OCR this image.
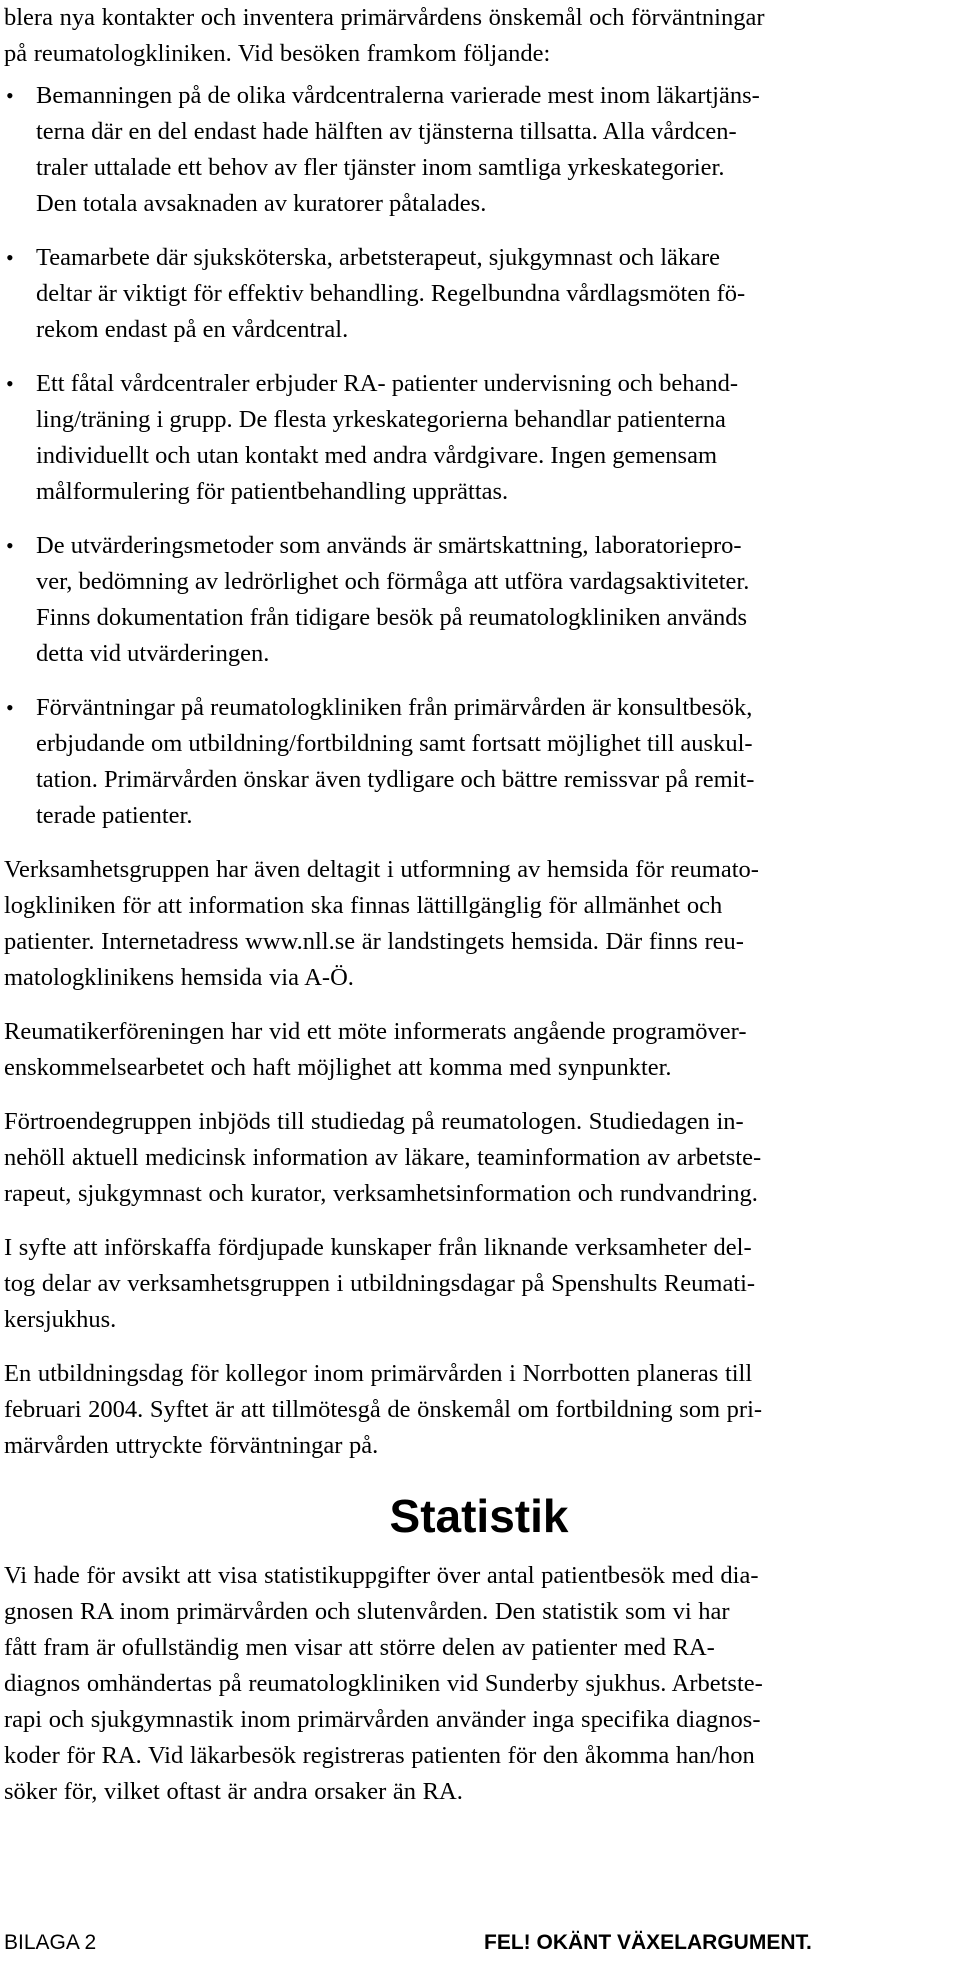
blera nya kontakter och inventera primärvårdens önskemål och förväntningar
på reumatologkliniken. Vid besöken framkom följande:

• Bemanningen på de olika vårdcentralerna varierade mest inom läkartjäns-
terna där en del endast hade hälften av tjänsterna tillsatta. Alla vårdcen-
traler uttalade ett behov av fler tjänster inom samtliga yrkeskategorier.
Den totala avsaknaden av kuratorer påtalades.
• Teamarbete där sjuksköterska, arbetsterapeut, sjukgymnast och läkare
deltar är viktigt för effektiv behandling. Regelbundna vårdlagsmöten fö-
rekom endast på en vårdcentral.
• Ett fåtal vårdcentraler erbjuder RA- patienter undervisning och behand-
ling/träning i grupp. De flesta yrkeskategorierna behandlar patienterna
individuellt och utan kontakt med andra vårdgivare. Ingen gemensam
målformulering för patientbehandling upprättas.
• De utvärderingsmetoder som används är smärtskattning, laboratoriepro-
ver, bedömning av ledrörlighet och förmåga att utföra vardagsaktiviteter.
Finns dokumentation från tidigare besök på reumatologkliniken används
detta vid utvärderingen.
• Förväntningar på reumatologkliniken från primärvården är konsultbesök,
erbjudande om utbildning/fortbildning samt fortsatt möjlighet till auskul-
tation. Primärvården önskar även tydligare och bättre remissvar på remit-
terade patienter.

Verksamhetsgruppen har även deltagit i utformning av hemsida för reumato-
logkliniken för att information ska finnas lättillgänglig för allmänhet och
patienter. Internetadress www.nll.se är landstingets hemsida. Där finns reu-
matologklinikens hemsida via A-Ö.

Reumatikerföreningen har vid ett möte informerats angående programöver-
enskommelsearbetet och haft möjlighet att komma med synpunkter.

Förtroendegruppen inbjöds till studiedag på reumatologen. Studiedagen in-
nehöll aktuell medicinsk information av läkare, teaminformation av arbetste-
rapeut, sjukgymnast och kurator, verksamhetsinformation och rundvandring.

I syfte att införskaffa fördjupade kunskaper från liknande verksamheter del-
tog delar av verksamhetsgruppen i utbildningsdagar på Spenshults Reumati-
kersjukhus.

En utbildningsdag för kollegor inom primärvården i Norrbotten planeras till
februari 2004. Syftet är att tillmötesgå de önskemål om fortbildning som pri-
märvården uttryckte förväntningar på.

Statistik

Vi hade för avsikt att visa statistikuppgifter över antal patientbesök med dia-
gnosen RA inom primärvården och slutenvården. Den statistik som vi har
fått fram är ofullständig men visar att större delen av patienter med RA-
diagnos omhändertas på reumatologkliniken vid Sunderby sjukhus. Arbetste-
rapi och sjukgymnastik inom primärvården använder inga specifika diagnos-
koder för RA. Vid läkarbesök registreras patienten för den åkomma han/hon
söker för, vilket oftast är andra orsaker än RA.

BILAGA 2	FEL! OKÄNT VÄXELARGUMENT.
